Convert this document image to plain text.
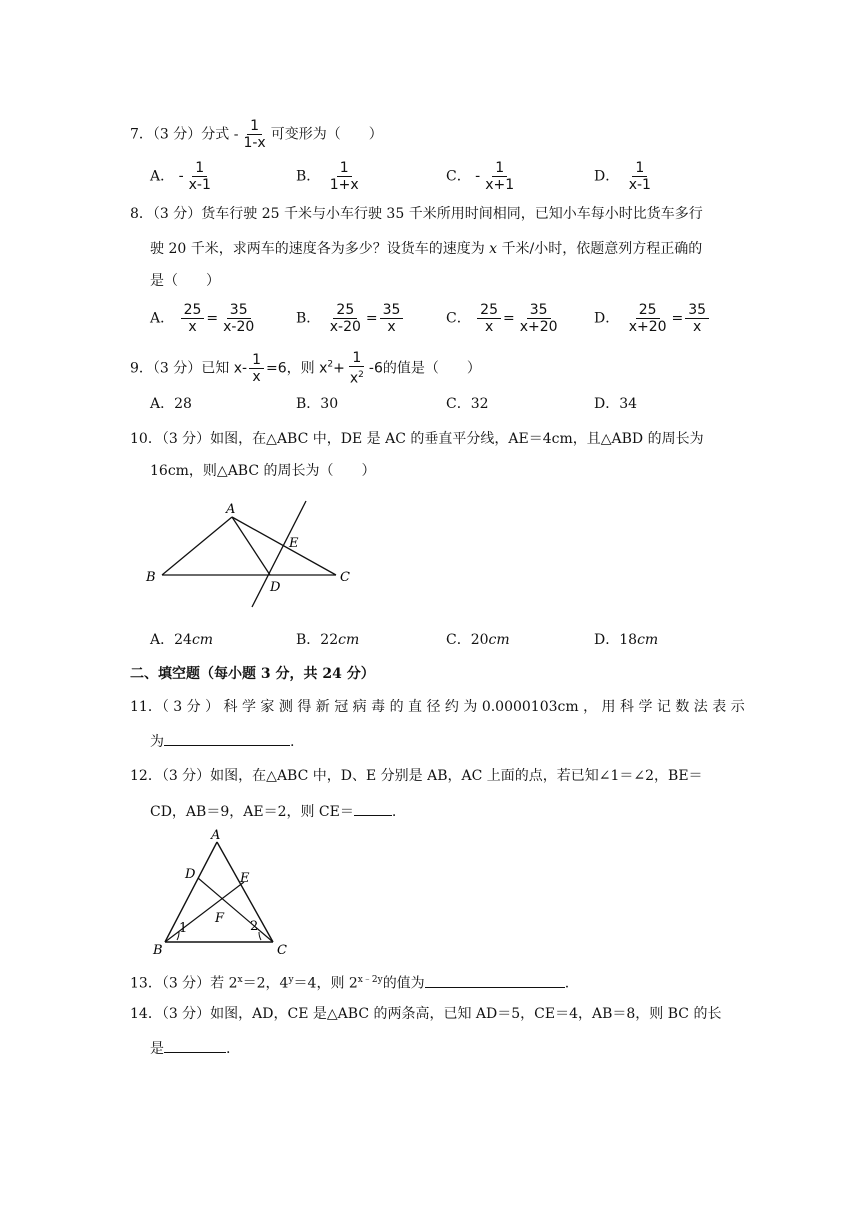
7．（3 分）分式 - $\frac{1}{1-x}$ 可变形为（　　）
A． - $\frac{1}{x-1}$	B． $\frac{1}{1+x}$	C． - $\frac{1}{x+1}$	D． $\frac{1}{x-1}$
8．（3 分）货车行驶 25 千米与小车行驶 35 千米所用时间相同，已知小车每小时比货车多行
驶 20 千米，求两车的速度各为多少？设货车的速度为 x 千米/小时，依题意列方程正确的
是（　　）
A． $\frac{25}{x} = \frac{35}{x-20}$	B． $\frac{25}{x-20} = \frac{35}{x}$	C． $\frac{25}{x} = \frac{35}{x+20}$ D． $\frac{25}{x+20} = \frac{35}{x}$
9．（3 分）已知 $x- \frac{1}{x} =6$，则 $x^2+ \frac{1}{x^2} -6$的值是（　　）
A．28	B．30	C．32	D．34
10．（3 分）如图，在△ABC 中，DE 是 AC 的垂直平分线，AE＝4cm，且△ABD 的周长为
16cm，则△ABC 的周长为（　　）
B
A
C
D
E
A．24cm	B．22cm	C．20cm	D．18cm
二、填空题（每小题 3 分，共 24 分）
11．（ 3 分 ） 科 学 家 测 得 新 冠 病 毒 的 直 径 约 为 0.0000103cm ， 用 科 学 记 数 法 表 示
为	.
12．（3 分）如图，在△ABC 中，D、E 分别是 AB，AC 上面的点，若已知∠1＝∠2，BE＝
CD，AB＝9，AE＝2，则 CE＝	.
A
D	E
F
1	2
B	C
13．（3 分）若 $2^x=2$，$4^y=4$，则 $2^{x﹣2y}$的值为	.
14．（3 分）如图，AD，CE 是△ABC 的两条高，已知 AD＝5，CE＝4，AB＝8，则 BC 的长
是	.
